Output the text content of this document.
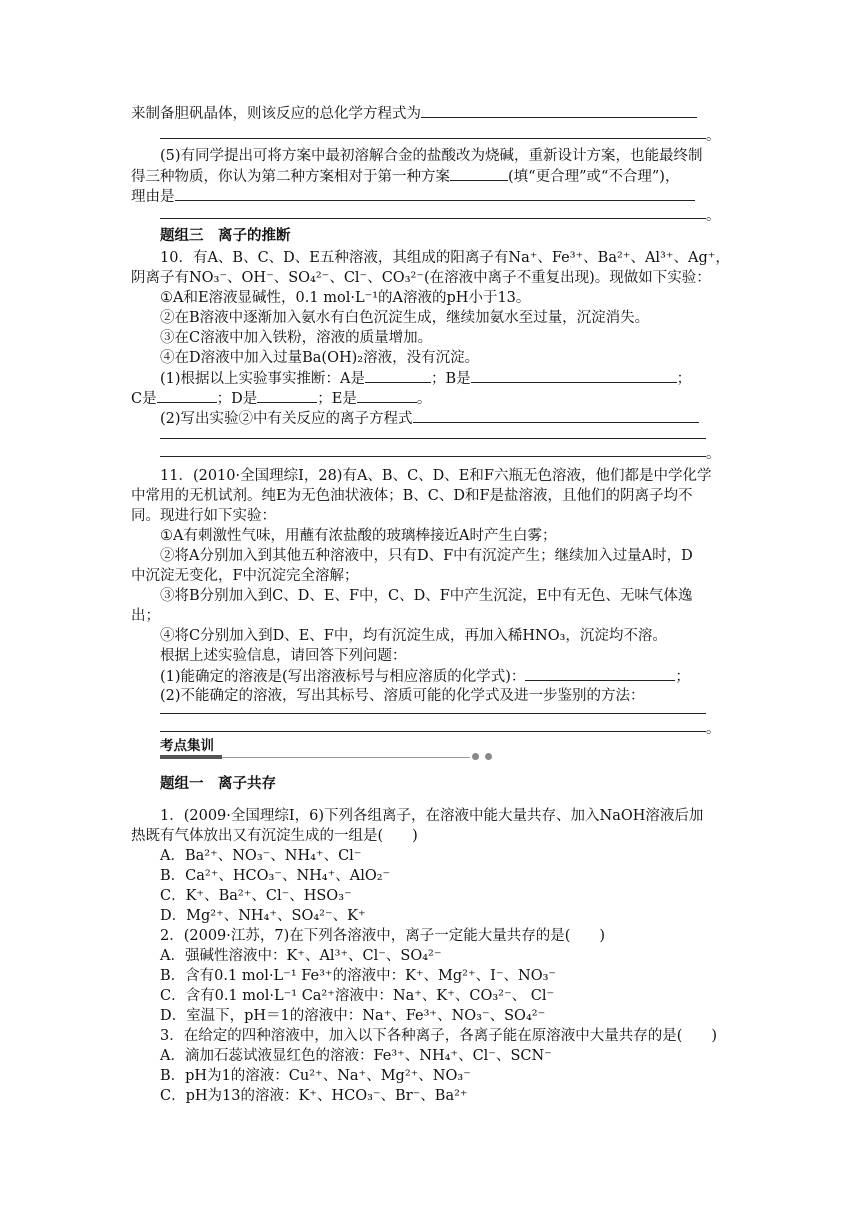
来制备胆矾晶体，则该反应的总化学方程式为
。
(5)有同学提出可将方案中最初溶解合金的盐酸改为烧碱，重新设计方案，也能最终制
得三种物质，你认为第二种方案相对于第一种方案	(填“更合理”或“不合理”)，
理由是
。
题组三　离子的推断
10．有A、B、C、D、E五种溶液，其组成的阳离子有Na⁺、Fe³⁺、Ba²⁺、Al³⁺、Ag⁺，
阴离子有NO₃⁻、OH⁻、SO₄²⁻、Cl⁻、CO₃²⁻(在溶液中离子不重复出现)。现做如下实验：
①A和E溶液显碱性，0.1 mol·L⁻¹的A溶液的pH小于13。
②在B溶液中逐渐加入氨水有白色沉淀生成，继续加氨水至过量，沉淀消失。
③在C溶液中加入铁粉，溶液的质量增加。
④在D溶液中加入过量Ba(OH)₂溶液，没有沉淀。
(1)根据以上实验事实推断：A是	；B是	；
C是	；D是	；E是	。
(2)写出实验②中有关反应的离子方程式
。
11．(2010·全国理综Ⅰ，28)有A、B、C、D、E和F六瓶无色溶液，他们都是中学化学
中常用的无机试剂。纯E为无色油状液体；B、C、D和F是盐溶液，且他们的阴离子均不
同。现进行如下实验：
①A有刺激性气味，用蘸有浓盐酸的玻璃棒接近A时产生白雾；
②将A分别加入到其他五种溶液中，只有D、F中有沉淀产生；继续加入过量A时，D
中沉淀无变化，F中沉淀完全溶解；
③将B分别加入到C、D、E、F中，C、D、F中产生沉淀，E中有无色、无味气体逸
出；
④将C分别加入到D、E、F中，均有沉淀生成，再加入稀HNO₃，沉淀均不溶。
根据上述实验信息，请回答下列问题：
(1)能确定的溶液是(写出溶液标号与相应溶质的化学式)：	；
(2)不能确定的溶液，写出其标号、溶质可能的化学式及进一步鉴别的方法：
。
考点集训
题组一　离子共存
1．(2009·全国理综Ⅰ，6)下列各组离子，在溶液中能大量共存、加入NaOH溶液后加
热既有气体放出又有沉淀生成的一组是(　　)
A．Ba²⁺、NO₃⁻、NH₄⁺、Cl⁻
B．Ca²⁺、HCO₃⁻、NH₄⁺、AlO₂⁻
C．K⁺、Ba²⁺、Cl⁻、HSO₃⁻
D．Mg²⁺、NH₄⁺、SO₄²⁻、K⁺
2．(2009·江苏，7)在下列各溶液中，离子一定能大量共存的是(　　)
A．强碱性溶液中：K⁺、Al³⁺、Cl⁻、SO₄²⁻
B．含有0.1 mol·L⁻¹ Fe³⁺的溶液中：K⁺、Mg²⁺、I⁻、NO₃⁻
C．含有0.1 mol·L⁻¹ Ca²⁺溶液中：Na⁺、K⁺、CO₃²⁻、 Cl⁻
D．室温下，pH＝1的溶液中：Na⁺、Fe³⁺、NO₃⁻、SO₄²⁻
3．在给定的四种溶液中，加入以下各种离子，各离子能在原溶液中大量共存的是(　　)
A．滴加石蕊试液显红色的溶液：Fe³⁺、NH₄⁺、Cl⁻、SCN⁻
B．pH为1的溶液：Cu²⁺、Na⁺、Mg²⁺、NO₃⁻
C．pH为13的溶液：K⁺、HCO₃⁻、Br⁻、Ba²⁺
